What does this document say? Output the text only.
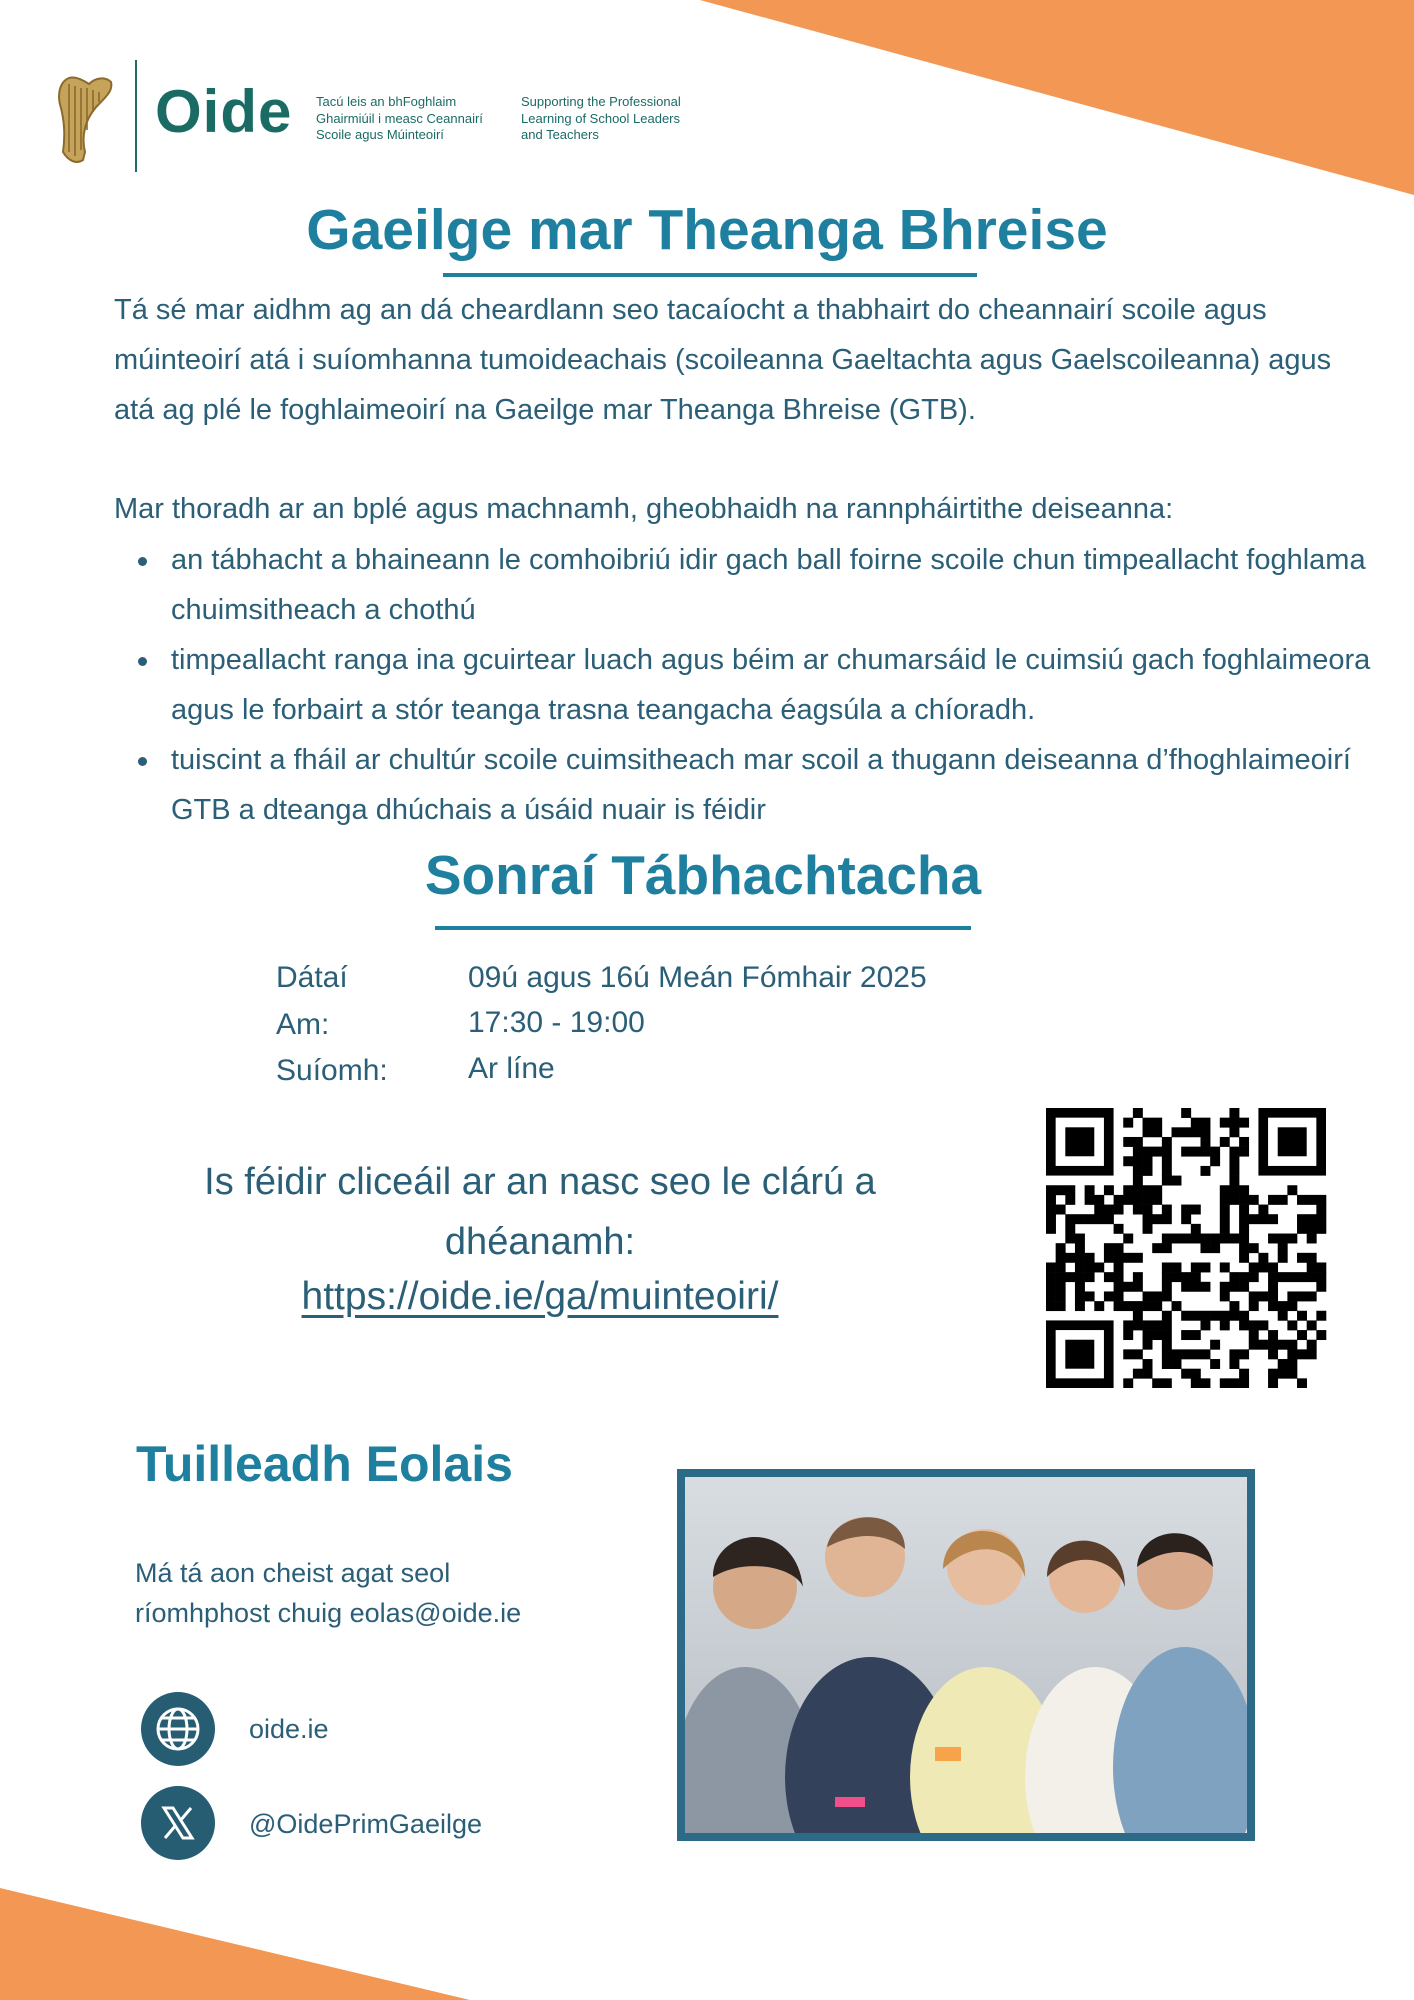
Oide Tacú leis an bhFoghlaim
Ghairmiúil i measc Ceannairí
Scoile agus Múinteoirí
Supporting the Professional
Learning of School Leaders
and Teachers
Gaeilge mar Theanga Bhreise
Tá sé mar aidhm ag an dá cheardlann seo tacaíocht a thabhairt do cheannairí scoile agus múinteoirí atá i suíomhanna tumoideachais (scoileanna Gaeltachta agus Gaelscoileanna) agus atá ag plé le foghlaimeoirí na Gaeilge mar Theanga Bhreise (GTB).
Mar thoradh ar an bplé agus machnamh, gheobhaidh na rannpháirtithe deiseanna:
an tábhacht a bhaineann le comhoibriú idir gach ball foirne scoile chun timpeallacht foghlama chuimsitheach a chothú
timpeallacht ranga ina gcuirtear luach agus béim ar chumarsáid le cuimsiú gach foghlaimeora agus le forbairt a stór teanga trasna teangacha éagsúla a chíoradh.
tuiscint a fháil ar chultúr scoile cuimsitheach mar scoil a thugann deiseanna d’fhoghlaimeoirí GTB a dteanga dhúchais a úsáid nuair is féidir
Sonraí Tábhachtacha
Dátaí	09ú agus 16ú Meán Fómhair 2025
Am:	17:30 - 19:00
Suíomh:	Ar líne
Is féidir cliceáil ar an nasc seo le clárú a dhéanamh:
https://oide.ie/ga/muinteoiri/
Tuilleadh Eolais
Má tá aon cheist agat seol ríomhphost chuig eolas@oide.ie
oide.ie
@OidePrimGaeilge
